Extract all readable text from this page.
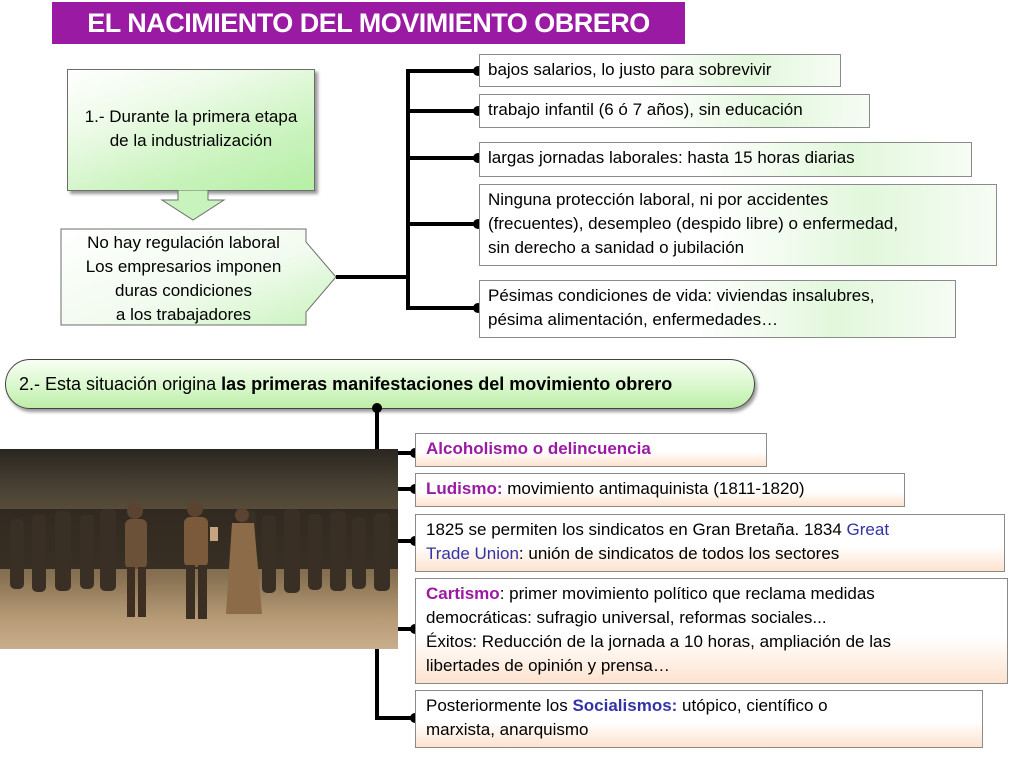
EL NACIMIENTO DEL MOVIMIENTO OBRERO
1.- Durante la primera etapa
de la industrialización
No hay regulación laboral
Los empresarios imponen
duras condiciones
a los trabajadores
bajos salarios, lo justo para sobrevivir
trabajo infantil (6 ó 7 años), sin educación
largas jornadas laborales: hasta 15 horas diarias
Ninguna protección laboral, ni por accidentes
(frecuentes), desempleo (despido libre) o enfermedad,
sin derecho a sanidad o jubilación
Pésimas condiciones de vida: viviendas insalubres,
pésima alimentación, enfermedades…
2.- Esta situación origina las primeras manifestaciones del movimiento obrero
Alcoholismo o delincuencia
Ludismo: movimiento antimaquinista (1811-1820)
1825 se permiten los sindicatos en Gran Bretaña. 1834 Great
Trade Union: unión de sindicatos de todos los sectores
Cartismo: primer movimiento político que reclama medidas
democráticas: sufragio universal, reformas sociales...
Éxitos: Reducción de la jornada a 10 horas, ampliación de las
libertades de opinión y prensa…
Posteriormente los Socialismos: utópico, científico o
marxista, anarquismo
